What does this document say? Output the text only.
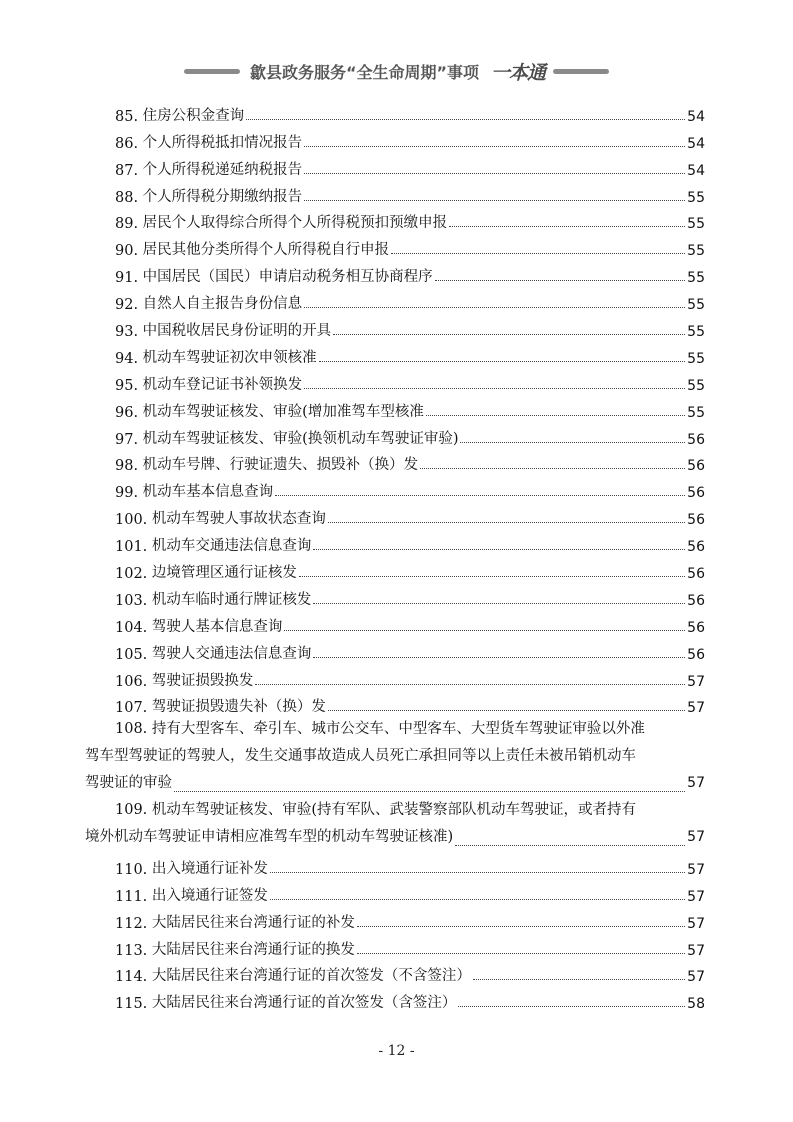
歙县政务服务“全生命周期”事项 一本通
85. 住房公积金查询	54
86. 个人所得税抵扣情况报告	54
87. 个人所得税递延纳税报告	54
88. 个人所得税分期缴纳报告	55
89. 居民个人取得综合所得个人所得税预扣预缴申报	55
90. 居民其他分类所得个人所得税自行申报	55
91. 中国居民（国民）申请启动税务相互协商程序	55
92. 自然人自主报告身份信息	55
93. 中国税收居民身份证明的开具	55
94. 机动车驾驶证初次申领核准	55
95. 机动车登记证书补领换发	55
96. 机动车驾驶证核发、审验(增加准驾车型核准	55
97. 机动车驾驶证核发、审验(换领机动车驾驶证审验)	56
98. 机动车号牌、行驶证遗失、损毁补（换）发	56
99. 机动车基本信息查询	56
100. 机动车驾驶人事故状态查询	56
101. 机动车交通违法信息查询	56
102. 边境管理区通行证核发	56
103. 机动车临时通行牌证核发	56
104. 驾驶人基本信息查询	56
105. 驾驶人交通违法信息查询	56
106. 驾驶证损毁换发	57
107. 驾驶证损毁遗失补（换）发	57
108. 持有大型客车、牵引车、城市公交车、中型客车、大型货车驾驶证审验以外准
驾车型驾驶证的驾驶人，发生交通事故造成人员死亡承担同等以上责任未被吊销机动车
驾驶证的审验	57
109. 机动车驾驶证核发、审验(持有军队、武装警察部队机动车驾驶证，或者持有
境外机动车驾驶证申请相应准驾车型的机动车驾驶证核准)	57
110. 出入境通行证补发	57
111. 出入境通行证签发	57
112. 大陆居民往来台湾通行证的补发	57
113. 大陆居民往来台湾通行证的换发	57
114. 大陆居民往来台湾通行证的首次签发（不含签注）	57
115. 大陆居民往来台湾通行证的首次签发（含签注）	58
- 12 -
